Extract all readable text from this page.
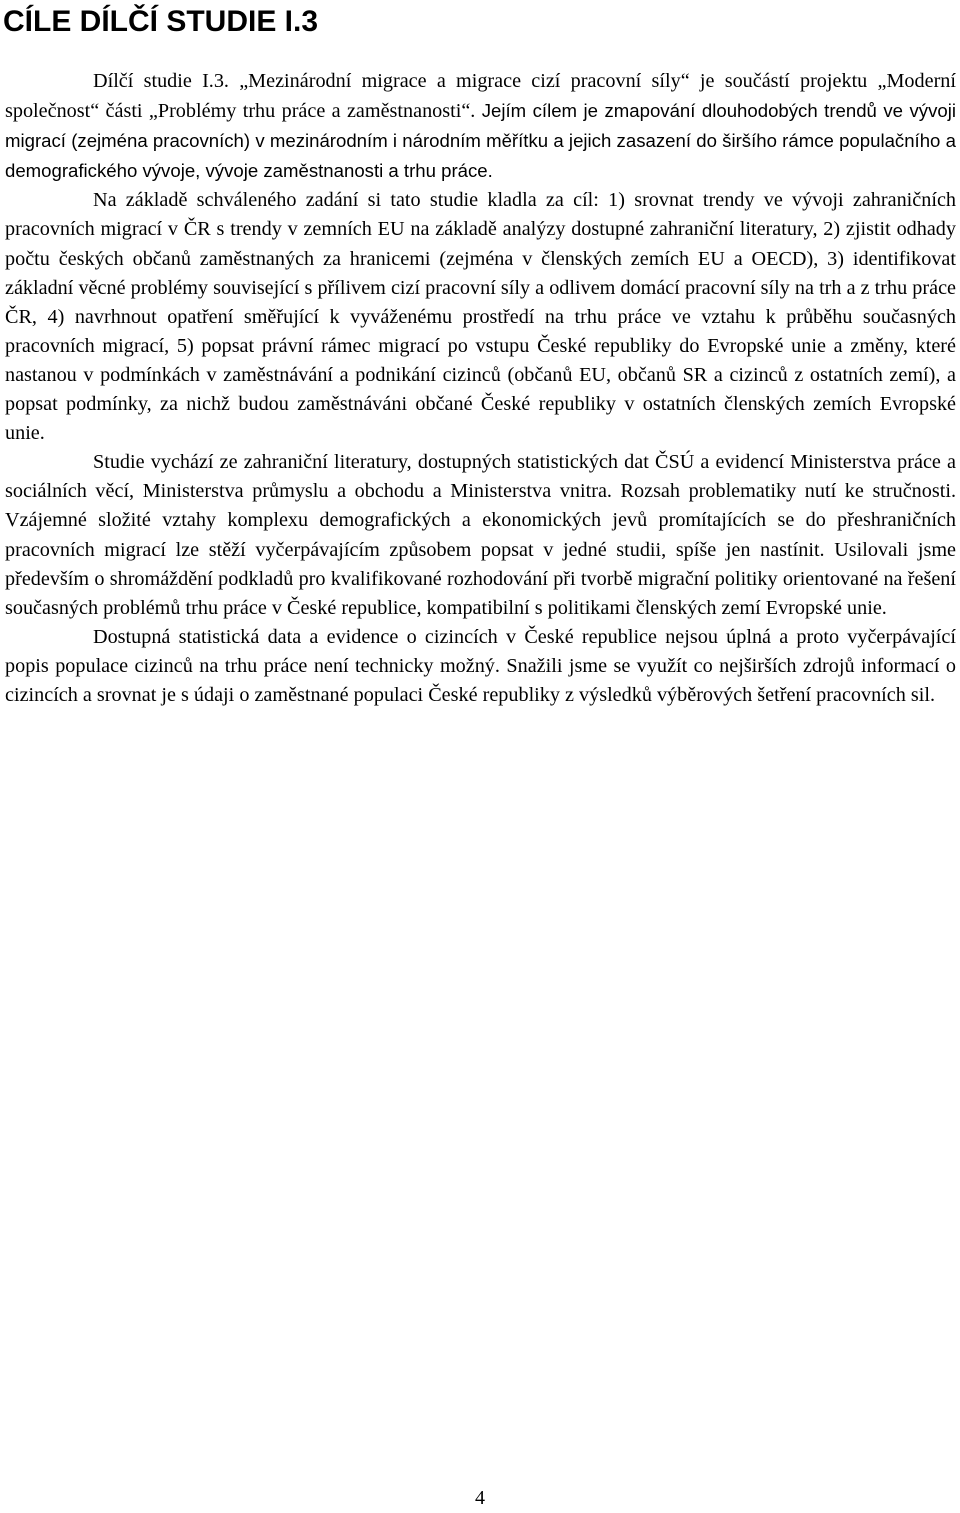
CÍLE DÍLČÍ STUDIE I.3

Dílčí studie I.3. „Mezinárodní migrace a migrace cizí pracovní síly“ je součástí projektu „Moderní společnost“ části „Problémy trhu práce a zaměstnanosti“. Jejím cílem je zmapování dlouhodobých trendů ve vývoji migrací (zejména pracovních) v mezinárodním i národním měřítku a jejich zasazení do širšího rámce populačního a demografického vývoje, vývoje zaměstnanosti a trhu práce.

Na základě schváleného zadání si tato studie kladla za cíl: 1) srovnat trendy ve vývoji zahraničních pracovních migrací v ČR s trendy v zemních EU na základě analýzy dostupné zahraniční literatury, 2) zjistit odhady počtu českých občanů zaměstnaných za hranicemi (zejména v členských zemích EU a OECD), 3) identifikovat základní věcné problémy související s přílivem cizí pracovní síly a odlivem domácí pracovní síly na trh a z trhu práce ČR, 4) navrhnout opatření směřující k vyváženému prostředí na trhu práce ve vztahu k průběhu současných pracovních migrací, 5) popsat právní rámec migrací po vstupu České republiky do Evropské unie a změny, které nastanou v podmínkách v zaměstnávání a podnikání cizinců (občanů EU, občanů SR a cizinců z ostatních zemí), a popsat podmínky, za nichž budou zaměstnáváni občané České republiky v ostatních členských zemích Evropské unie.

Studie vychází ze zahraniční literatury, dostupných statistických dat ČSÚ a evidencí Ministerstva práce a sociálních věcí, Ministerstva průmyslu a obchodu a Ministerstva vnitra. Rozsah problematiky nutí ke stručnosti. Vzájemné složité vztahy komplexu demografických a ekonomických jevů promítajících se do přeshraničních pracovních migrací lze stěží vyčerpávajícím způsobem popsat v jedné studii, spíše jen nastínit. Usilovali jsme především o shromáždění podkladů pro kvalifikované rozhodování při tvorbě migrační politiky orientované na řešení současných problémů trhu práce v České republice, kompatibilní s politikami členských zemí Evropské unie.

Dostupná statistická data a evidence o cizincích v České republice nejsou úplná a proto vyčerpávající popis populace cizinců na trhu práce není technicky možný. Snažili jsme se využít co nejširších zdrojů informací o cizincích a srovnat je s údaji o zaměstnané populaci České republiky z výsledků výběrových šetření pracovních sil.

4
